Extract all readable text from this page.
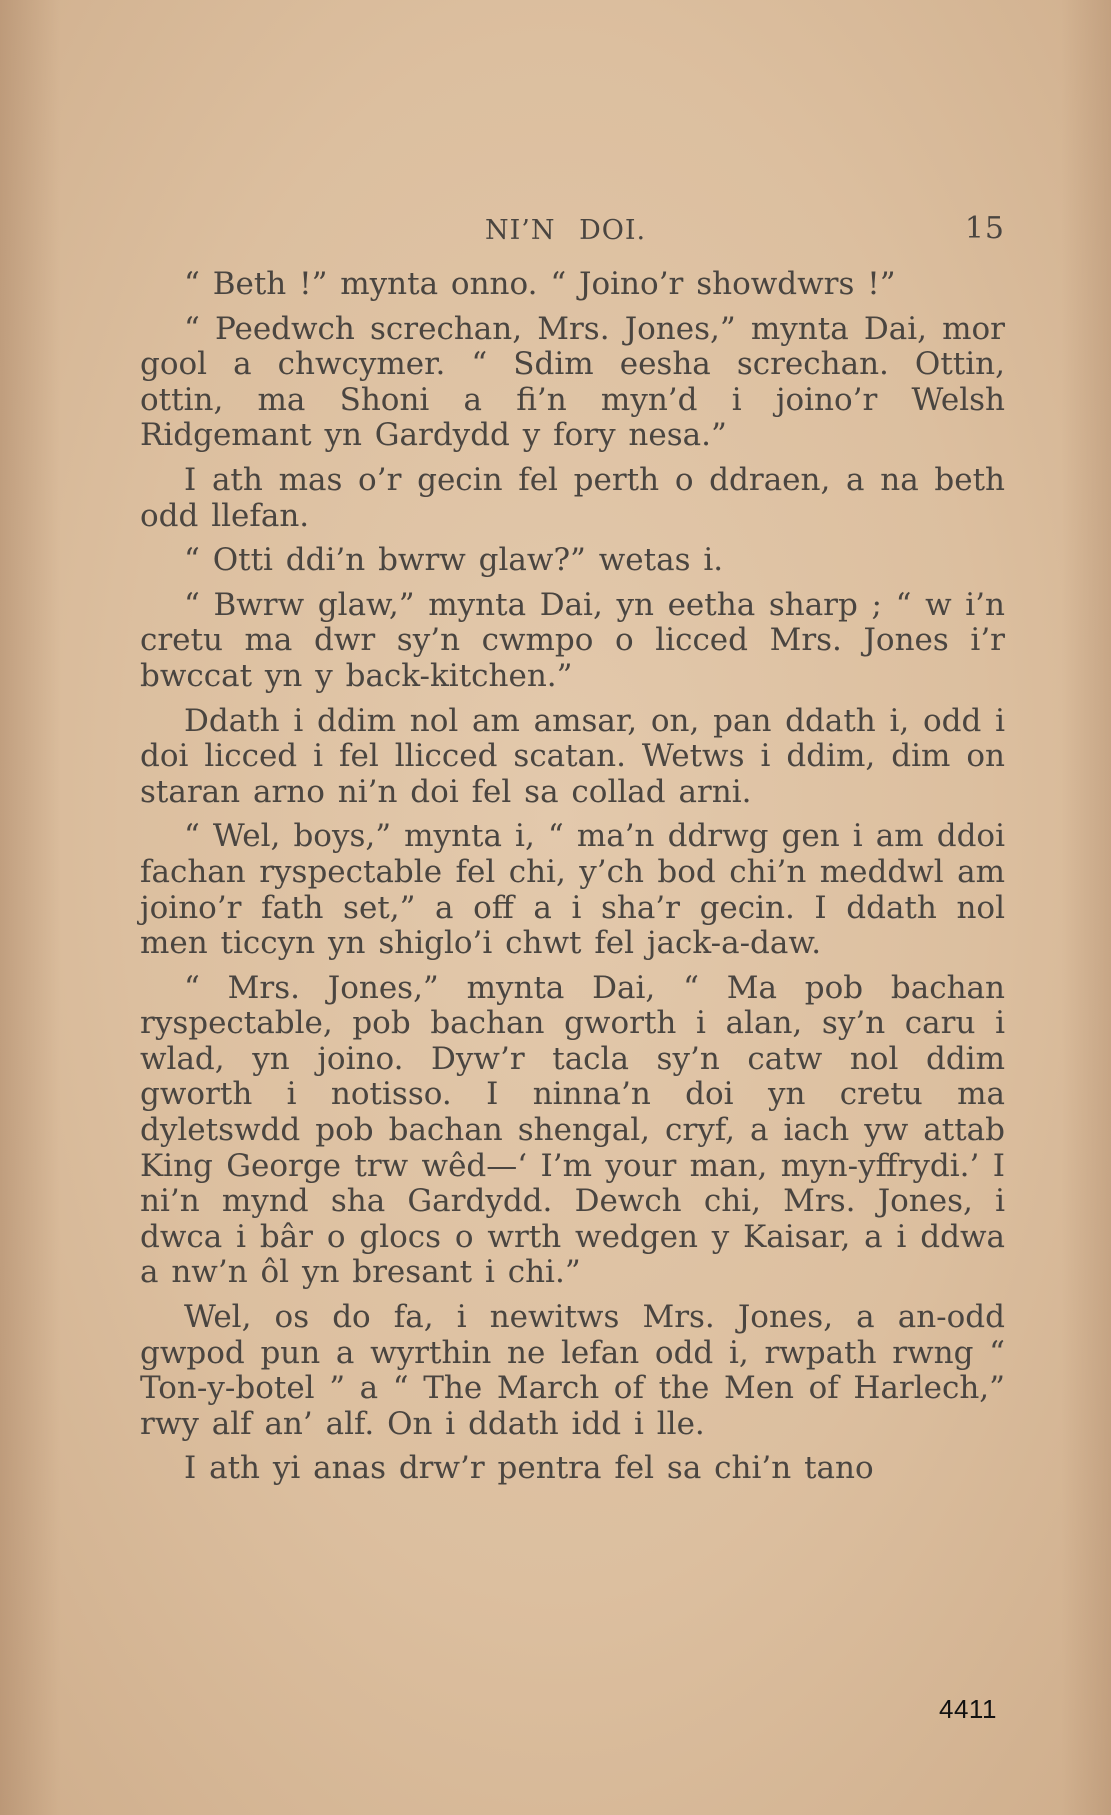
NI’N DOI.	15

“ Beth !” mynta onno. “ Joino’r showdwrs !”

“ Peedwch screchan, Mrs. Jones,” mynta Dai, mor gool a chwcymer. “ Sdim eesha screchan. Ottin, ottin, ma Shoni a fi’n myn’d i joino’r Welsh Ridgemant yn Gardydd y fory nesa.”

I ath mas o’r gecin fel perth o ddraen, a na beth odd llefan.

“ Otti ddi’n bwrw glaw?” wetas i.

“ Bwrw glaw,” mynta Dai, yn eetha sharp ; “ w i’n cretu ma dwr sy’n cwmpo o licced Mrs. Jones i’r bwccat yn y back-kitchen.”

Ddath i ddim nol am amsar, on, pan ddath i, odd i doi licced i fel llicced scatan. Wetws i ddim, dim on staran arno ni’n doi fel sa collad arni.

“ Wel, boys,” mynta i, “ ma’n ddrwg gen i am ddoi fachan ryspectable fel chi, y’ch bod chi’n meddwl am joino’r fath set,” a off a i sha’r gecin. I ddath nol men ticcyn yn shiglo’i chwt fel jack-a-daw.

“ Mrs. Jones,” mynta Dai, “ Ma pob bachan ryspectable, pob bachan gworth i alan, sy’n caru i wlad, yn joino. Dyw’r tacla sy’n catw nol ddim gworth i notisso. I ninna’n doi yn cretu ma dyletswdd pob bachan shengal, cryf, a iach yw attab King George trw wêd—‘ I’m your man, myn-yffrydi.’ I ni’n mynd sha Gardydd. Dewch chi, Mrs. Jones, i dwca i bâr o glocs o wrth wedgen y Kaisar, a i ddwa a nw’n ôl yn bresant i chi.”

Wel, os do fa, i newitws Mrs. Jones, a an-odd gwpod pun a wyrthin ne lefan odd i, rwpath rwng “ Ton-y-botel ” a “ The March of the Men of Harlech,” rwy alf an’ alf. On i ddath idd i lle.

I ath yi anas drw’r pentra fel sa chi’n tano

4411
